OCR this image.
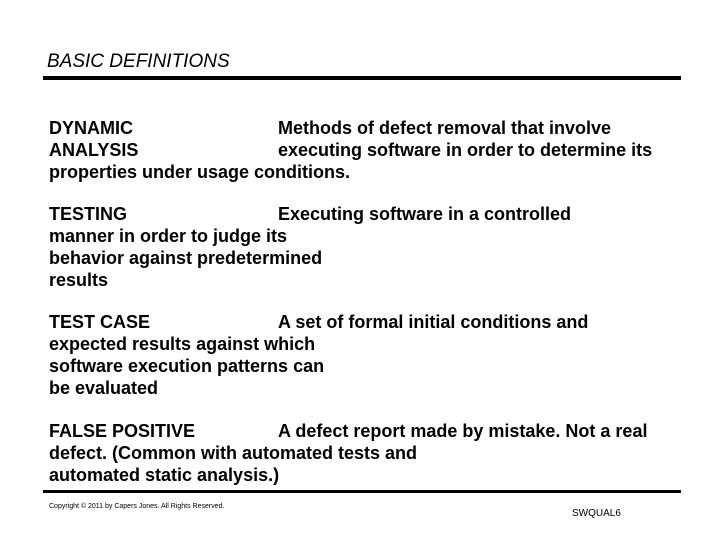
BASIC DEFINITIONS
DYNAMIC	Methods of defect removal that involve
ANALYSIS	executing software in order to determine its
properties under usage conditions.
TESTING	Executing software in a controlled
manner in order to judge its
behavior against predetermined
results
TEST CASE	A set of formal initial conditions and
expected results against which
software execution patterns can
be evaluated
FALSE POSITIVE	A defect report made by mistake. Not a real
defect. (Common with automated tests and
automated static analysis.)
Copyright © 2011 by Capers Jones. All Rights Reserved.
SWQUAL6
